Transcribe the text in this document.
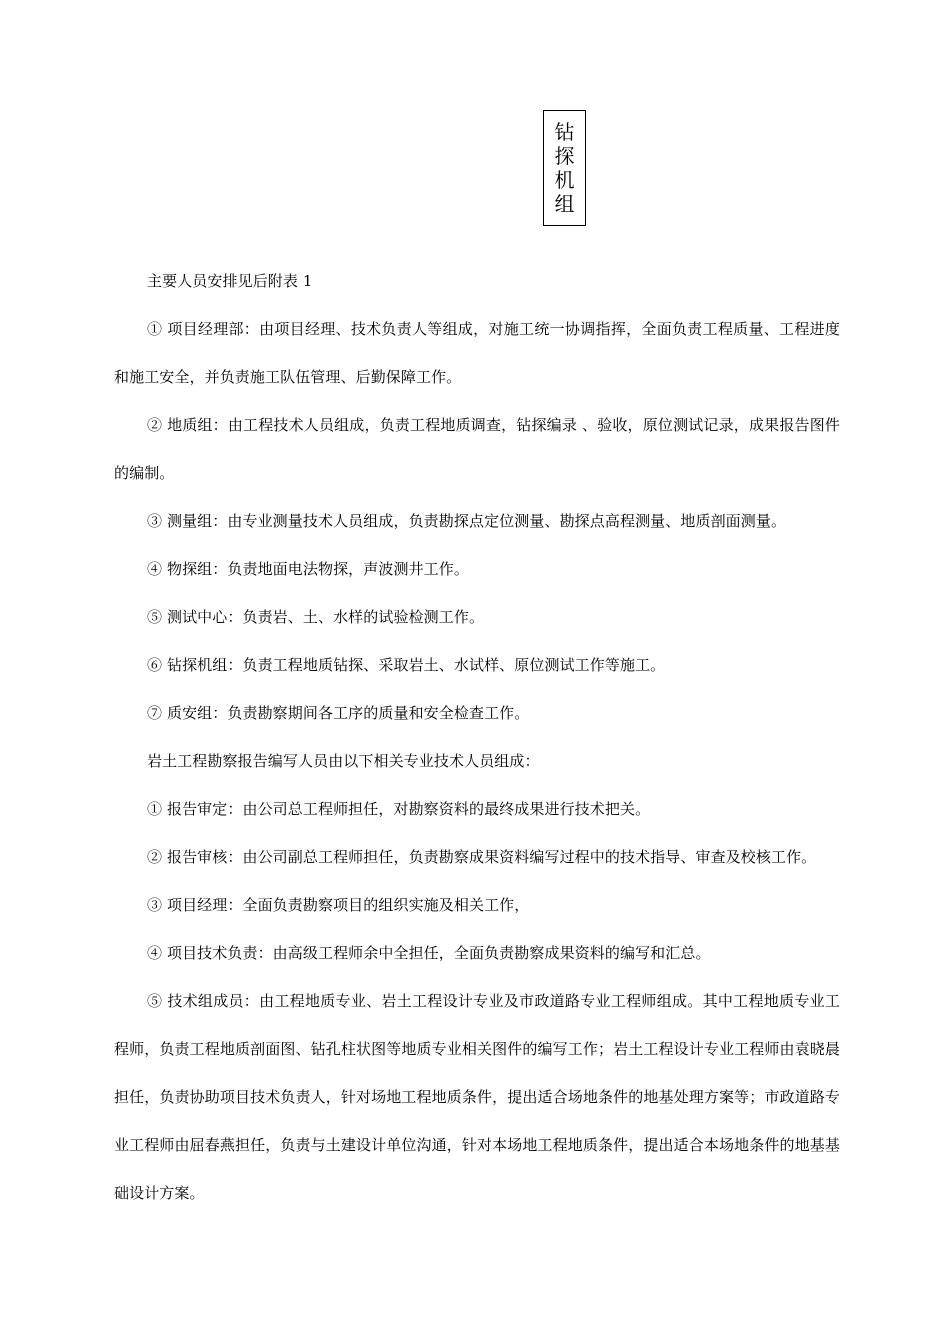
钻探机组

主要人员安排见后附表 1

① 项目经理部：由项目经理、技术负责人等组成，对施工统一协调指挥，全面负责工程质量、工程进度和施工安全，并负责施工队伍管理、后勤保障工作。

② 地质组：由工程技术人员组成，负责工程地质调查，钻探编录 、验收，原位测试记录，成果报告图件的编制。

③ 测量组：由专业测量技术人员组成，负责勘探点定位测量、勘探点高程测量、地质剖面测量。

④ 物探组：负责地面电法物探，声波测井工作。

⑤ 测试中心：负责岩、土、水样的试验检测工作。

⑥ 钻探机组：负责工程地质钻探、采取岩土、水试样、原位测试工作等施工。

⑦ 质安组：负责勘察期间各工序的质量和安全检查工作。

岩土工程勘察报告编写人员由以下相关专业技术人员组成：

① 报告审定：由公司总工程师担任，对勘察资料的最终成果进行技术把关。

② 报告审核：由公司副总工程师担任，负责勘察成果资料编写过程中的技术指导、审查及校核工作。

③ 项目经理：全面负责勘察项目的组织实施及相关工作，

④ 项目技术负责：由高级工程师余中全担任，全面负责勘察成果资料的编写和汇总。

⑤ 技术组成员：由工程地质专业、岩土工程设计专业及市政道路专业工程师组成。其中工程地质专业工程师，负责工程地质剖面图、钻孔柱状图等地质专业相关图件的编写工作；岩土工程设计专业工程师由袁晓晨担任，负责协助项目技术负责人，针对场地工程地质条件，提出适合场地条件的地基处理方案等；市政道路专业工程师由屈春燕担任，负责与土建设计单位沟通，针对本场地工程地质条件，提出适合本场地条件的地基基础设计方案。
